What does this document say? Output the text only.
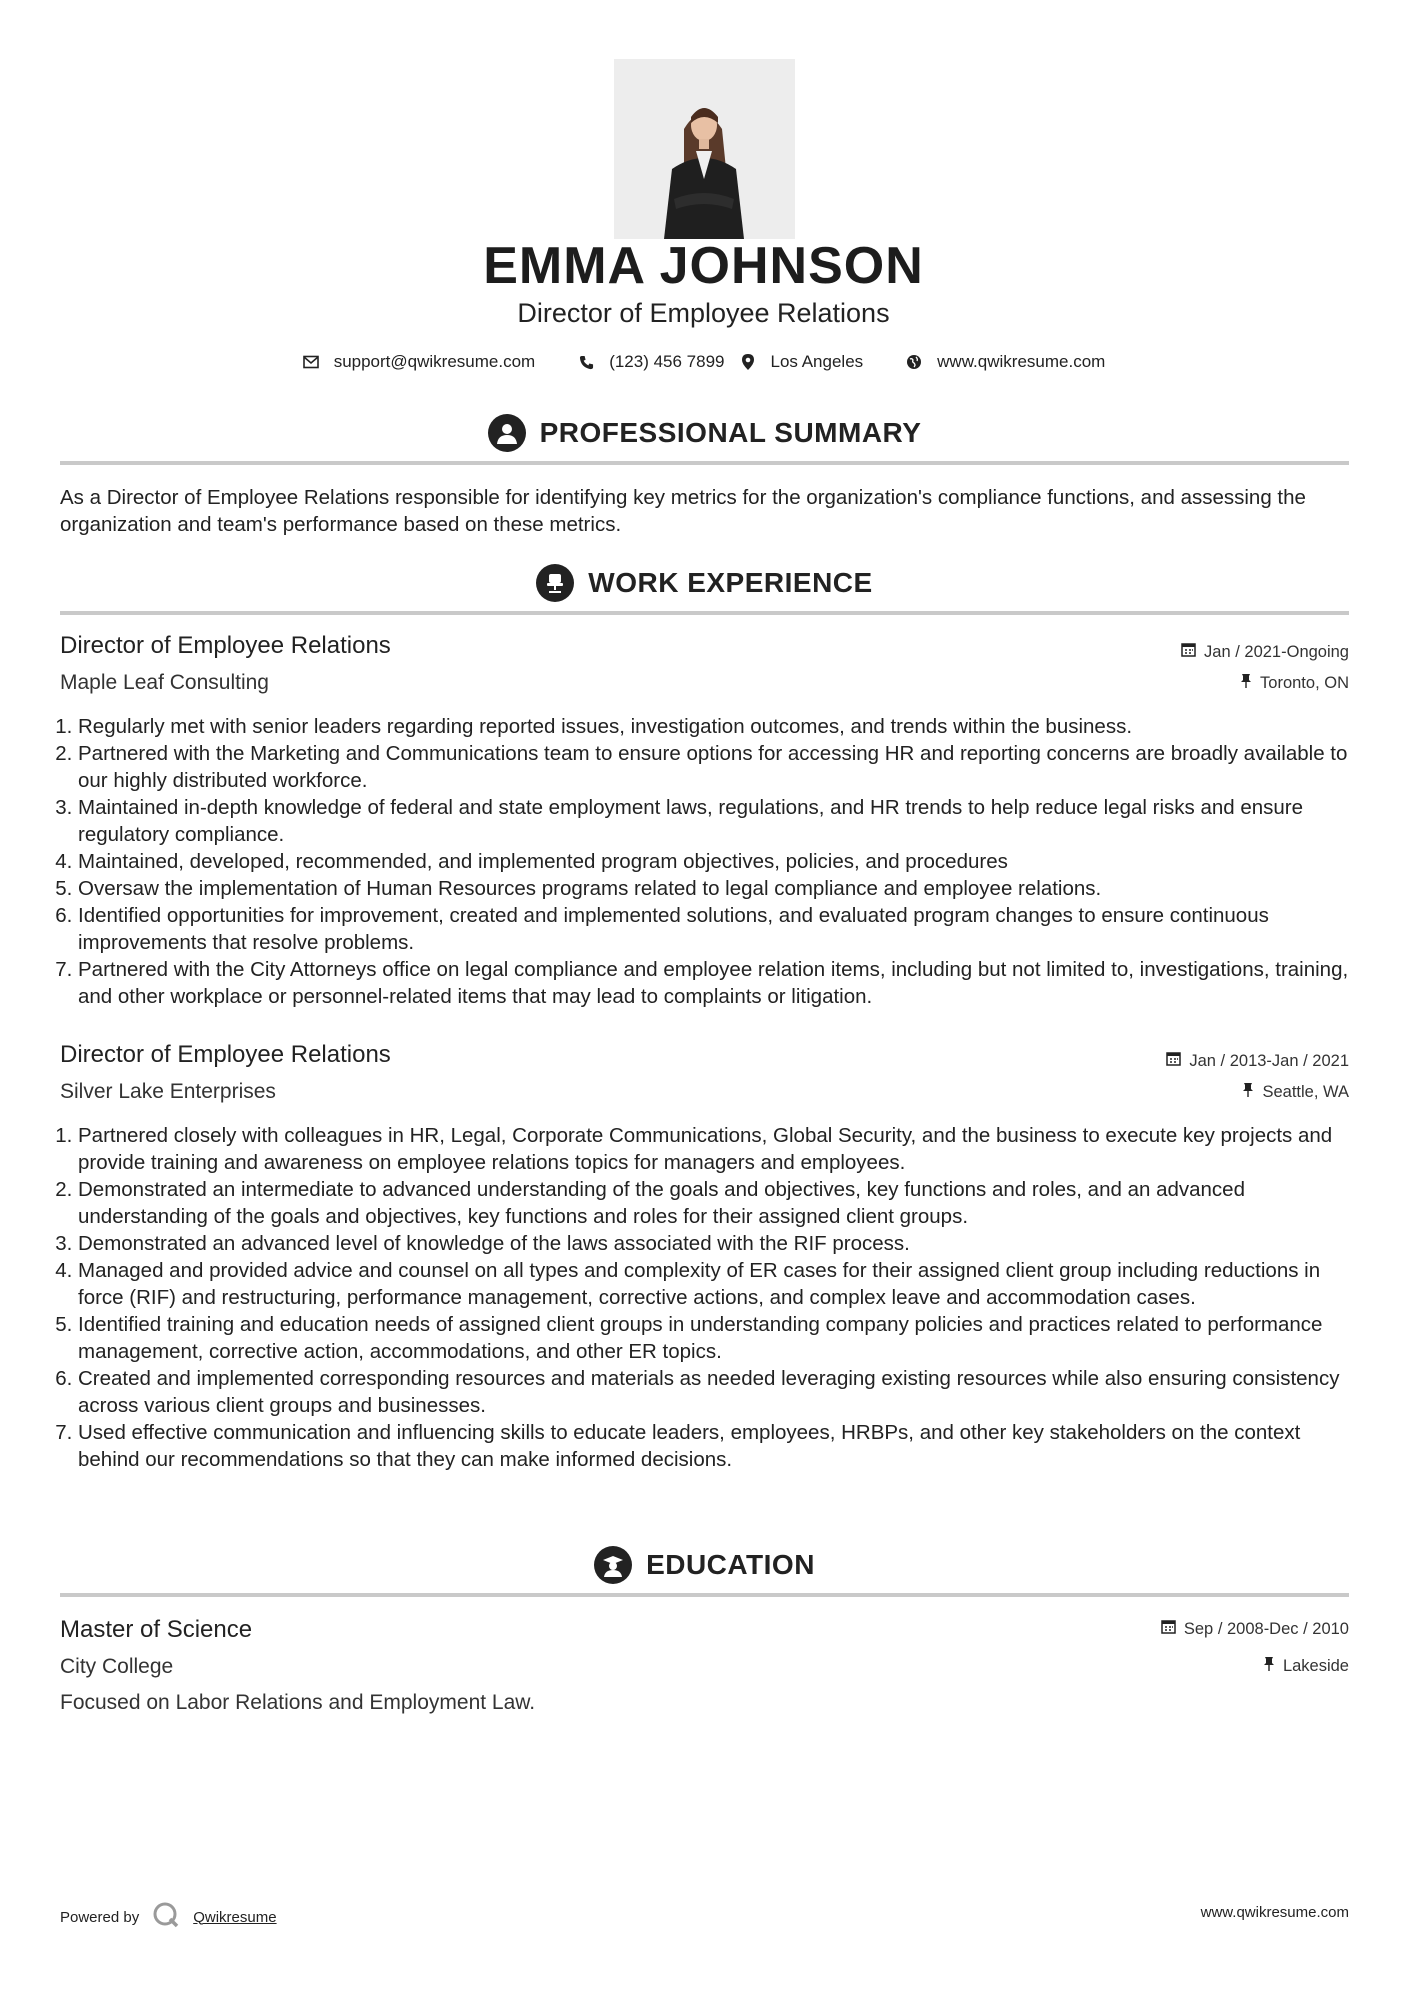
EMMA JOHNSON
Director of Employee Relations
support@qwikresume.com	(123) 456 7899	Los Angeles	www.qwikresume.com
PROFESSIONAL SUMMARY
As a Director of Employee Relations responsible for identifying key metrics for the organization's compliance functions, and assessing the organization and team's performance based on these metrics.
WORK EXPERIENCE
Director of Employee Relations	Jan / 2021-Ongoing
Maple Leaf Consulting	Toronto, ON
1. Regularly met with senior leaders regarding reported issues, investigation outcomes, and trends within the business.
2. Partnered with the Marketing and Communications team to ensure options for accessing HR and reporting concerns are broadly available to our highly distributed workforce.
3. Maintained in-depth knowledge of federal and state employment laws, regulations, and HR trends to help reduce legal risks and ensure regulatory compliance.
4. Maintained, developed, recommended, and implemented program objectives, policies, and procedures
5. Oversaw the implementation of Human Resources programs related to legal compliance and employee relations.
6. Identified opportunities for improvement, created and implemented solutions, and evaluated program changes to ensure continuous improvements that resolve problems.
7. Partnered with the City Attorneys office on legal compliance and employee relation items, including but not limited to, investigations, training, and other workplace or personnel-related items that may lead to complaints or litigation.
Director of Employee Relations	Jan / 2013-Jan / 2021
Silver Lake Enterprises	Seattle, WA
1. Partnered closely with colleagues in HR, Legal, Corporate Communications, Global Security, and the business to execute key projects and provide training and awareness on employee relations topics for managers and employees.
2. Demonstrated an intermediate to advanced understanding of the goals and objectives, key functions and roles, and an advanced understanding of the goals and objectives, key functions and roles for their assigned client groups.
3. Demonstrated an advanced level of knowledge of the laws associated with the RIF process.
4. Managed and provided advice and counsel on all types and complexity of ER cases for their assigned client group including reductions in force (RIF) and restructuring, performance management, corrective actions, and complex leave and accommodation cases.
5. Identified training and education needs of assigned client groups in understanding company policies and practices related to performance management, corrective action, accommodations, and other ER topics.
6. Created and implemented corresponding resources and materials as needed leveraging existing resources while also ensuring consistency across various client groups and businesses.
7. Used effective communication and influencing skills to educate leaders, employees, HRBPs, and other key stakeholders on the context behind our recommendations so that they can make informed decisions.
EDUCATION
Master of Science	Sep / 2008-Dec / 2010
City College	Lakeside
Focused on Labor Relations and Employment Law.
Powered by	Qwikresume	www.qwikresume.com
